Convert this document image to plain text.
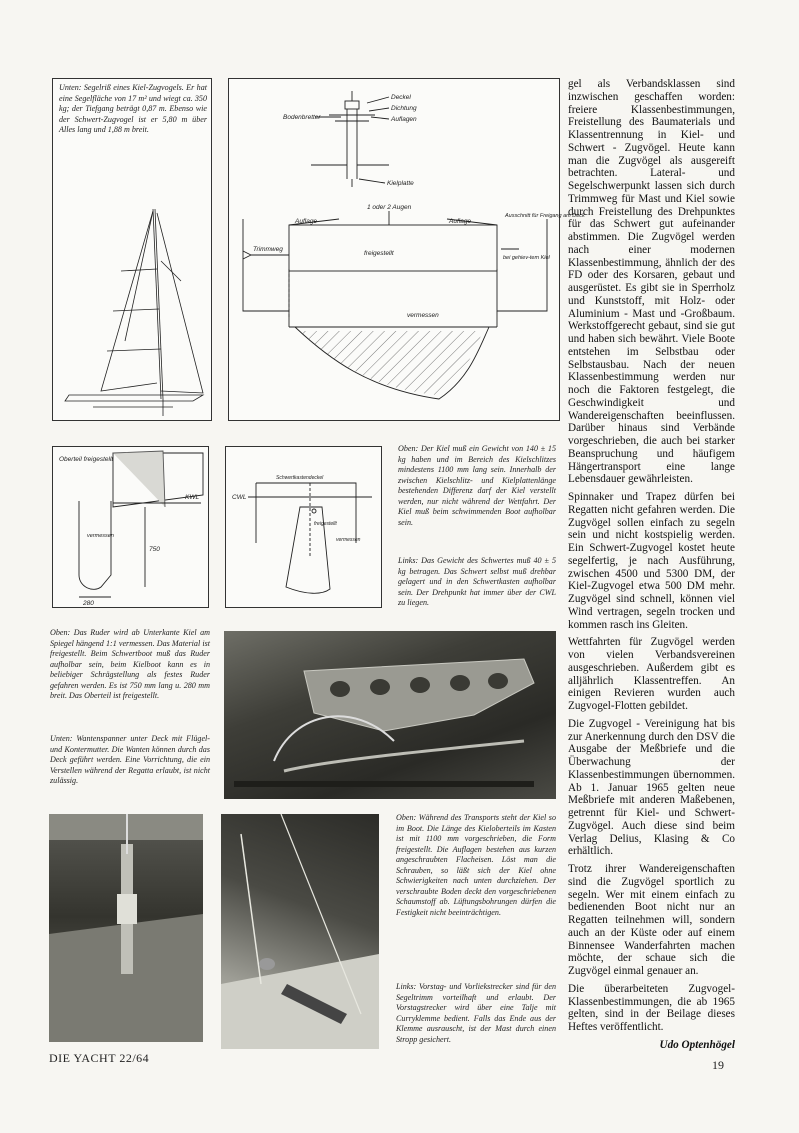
Unten: Segelriß eines Kiel-Zugvogels. Er hat eine Segelfläche von 17 m² und wiegt ca. 350 kg; der Tiefgang beträgt 0,87 m. Ebenso wie der Schwert-Zugvogel ist er 5,80 m über Alles lang und 1,88 m breit.
Deckel
Dichtung
Auflagen
Bodenbretter
Kielplatte
1 oder 2 Augen
Auflage	Auflage
Ausschnitt für Freigang am Deck
Trimmweg
freigestellt
bei gehiev-tem Kiel
vermessen
Oberteil freigestellt
KWL
750
280
vermessen
Schwertkastendeckel
CWL
freigestellt
vermessen
Oben: Der Kiel muß ein Gewicht von 140 ± 15 kg haben und im Bereich des Kielschlitzes mindestens 1100 mm lang sein. Innerhalb der zwischen Kielschlitz- und Kielplattenlänge bestehenden Differenz darf der Kiel verstellt werden, nur nicht während der Wettfahrt. Der Kiel muß beim schwimmenden Boot aufholbar sein.
Links: Das Gewicht des Schwertes muß 40 ± 5 kg betragen. Das Schwert selbst muß drehbar gelagert und in den Schwertkasten aufholbar sein. Der Drehpunkt hat immer über der CWL zu liegen.
Oben: Das Ruder wird ab Unterkante Kiel am Spiegel hängend 1:1 vermessen. Das Material ist freigestellt. Beim Schwertboot muß das Ruder aufholbar sein, beim Kielboot kann es in beliebiger Schrägstellung als festes Ruder gefahren werden. Es ist 750 mm lang u. 280 mm breit. Das Oberteil ist freigestellt.
Unten: Wantenspanner unter Deck mit Flügel- und Kontermutter. Die Wanten können durch das Deck geführt werden. Eine Vorrichtung, die ein Verstellen während der Regatta erlaubt, ist nicht zulässig.
Oben: Während des Transports steht der Kiel so im Boot. Die Länge des Kieloberteils im Kasten ist mit 1100 mm vorgeschrieben, die Form freigestellt. Die Auflagen bestehen aus kurzen angeschraubten Flacheisen. Löst man die Schrauben, so läßt sich der Kiel ohne Schwierigkeiten nach unten durchziehen. Der verschraubte Boden deckt den vorgeschriebenen Schaumstoff ab. Lüftungsbohrungen dürfen die Festigkeit nicht beeinträchtigen.
Links: Vorstag- und Vorliekstrecker sind für den Segeltrimm vorteilhaft und erlaubt. Der Vorstagstrecker wird über eine Talje mit Curryklemme bedient. Falls das Ende aus der Klemme ausrauscht, ist der Mast durch einen Stropp gesichert.

gel als Verbandsklassen sind inzwischen geschaffen worden: freiere Klassenbestimmungen, Freistellung des Baumaterials und Klassentrennung in Kiel- und Schwert - Zugvögel. Heute kann man die Zugvögel als ausgereift betrachten. Lateral- und Segelschwerpunkt lassen sich durch Trimmweg für Mast und Kiel sowie durch Freistellung des Drehpunktes für das Schwert gut aufeinander abstimmen. Die Zugvögel werden nach einer modernen Klassenbestimmung, ähnlich der des FD oder des Korsaren, gebaut und ausgerüstet. Es gibt sie in Sperrholz und Kunststoff, mit Holz- oder Aluminium - Mast und -Großbaum. Werkstoffgerecht gebaut, sind sie gut und haben sich bewährt. Viele Boote entstehen im Selbstbau oder Selbstausbau. Nach der neuen Klassenbestimmung werden nur noch die Faktoren festgelegt, die Geschwindigkeit und Wandereigenschaften beeinflussen. Darüber hinaus sind Verbände vorgeschrieben, die auch bei starker Beanspruchung und häufigem Hängertransport eine lange Lebensdauer gewährleisten.

Spinnaker und Trapez dürfen bei Regatten nicht gefahren werden. Die Zugvögel sollen einfach zu segeln sein und nicht kostspielig werden. Ein Schwert-Zugvogel kostet heute segelfertig, je nach Ausführung, zwischen 4500 und 5300 DM, der Kiel-Zugvogel etwa 500 DM mehr. Zugvögel sind schnell, können viel Wind vertragen, segeln trocken und kommen rasch ins Gleiten.

Wettfahrten für Zugvögel werden von vielen Verbandsvereinen ausgeschrieben. Außerdem gibt es alljährlich Klassentreffen. An einigen Revieren wurden auch Zugvogel-Flotten gebildet.

Die Zugvogel - Vereinigung hat bis zur Anerkennung durch den DSV die Ausgabe der Meßbriefe und die Überwachung der Klassenbestimmungen übernommen. Ab 1. Januar 1965 gelten neue Meßbriefe mit anderen Maßebenen, getrennt für Kiel- und Schwert-Zugvögel. Auch diese sind beim Verlag Delius, Klasing & Co erhältlich.

Trotz ihrer Wandereigenschaften sind die Zugvögel sportlich zu segeln. Wer mit einem einfach zu bedienenden Boot nicht nur an Regatten teilnehmen will, sondern auch an der Küste oder auf einem Binnensee Wanderfahrten machen möchte, der schaue sich die Zugvögel einmal genauer an.

Die überarbeiteten Zugvogel-Klassenbestimmungen, die ab 1965 gelten, sind in der Beilage dieses Heftes veröffentlicht.

Udo Optenhögel
DIE YACHT 22/64	19
